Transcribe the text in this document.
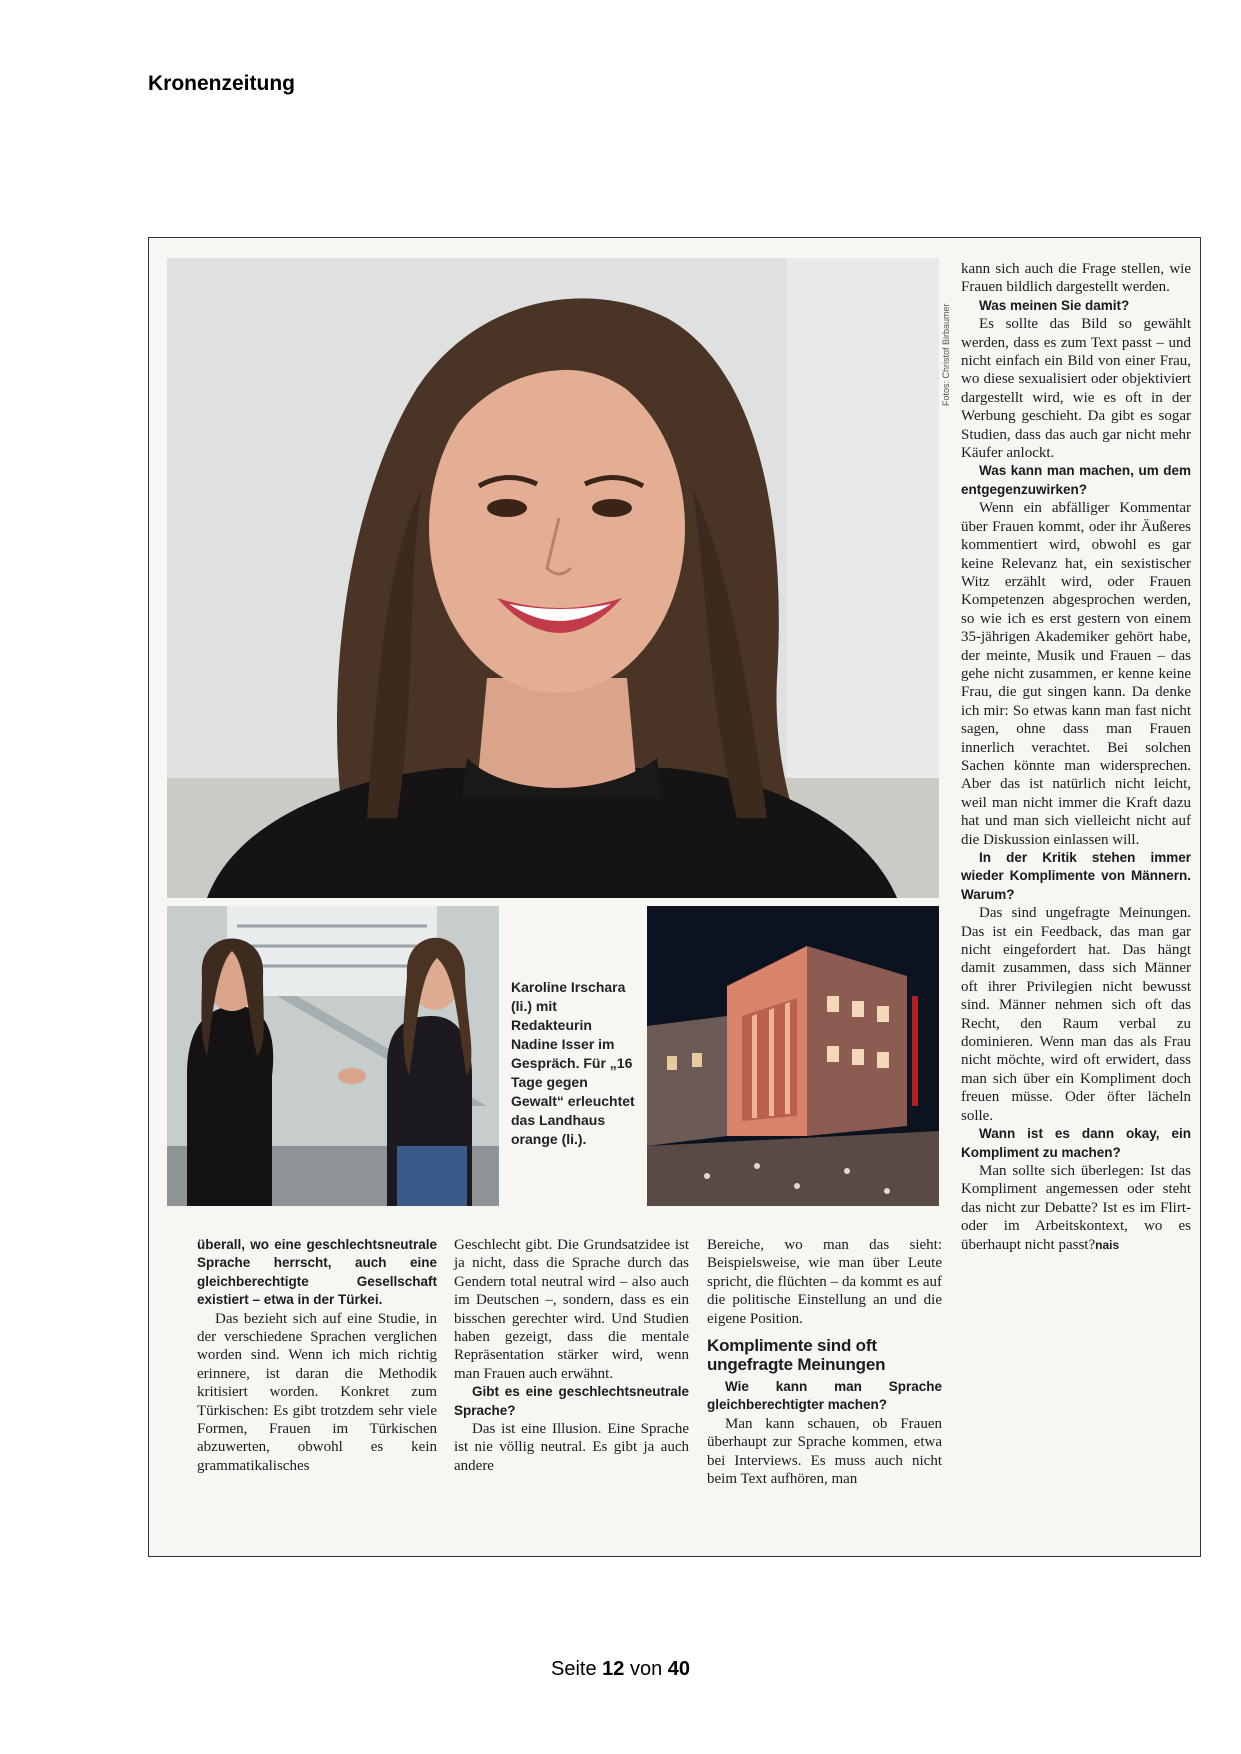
Kronenzeitung
Fotos: Christof Birbaumer
Karoline Irschara (li.) mit Redakteurin Nadine Isser im Gespräch. Für „16 Tage gegen Gewalt“ erleuchtet das Landhaus orange (li.).

überall, wo eine geschlechtsneutrale Sprache herrscht, auch eine gleichberechtigte Gesellschaft existiert – etwa in der Türkei.

Das bezieht sich auf eine Studie, in der verschiedene Sprachen verglichen worden sind. Wenn ich mich richtig erinnere, ist daran die Methodik kritisiert worden. Konkret zum Türkischen: Es gibt trotzdem sehr viele Formen, Frauen im Türkischen abzuwerten, obwohl es kein grammatikalisches

Geschlecht gibt. Die Grundsatzidee ist ja nicht, dass die Sprache durch das Gendern total neutral wird – also auch im Deutschen –, sondern, dass es ein bisschen gerechter wird. Und Studien haben gezeigt, dass die mentale Repräsentation stärker wird, wenn man Frauen auch erwähnt.

Gibt es eine geschlechtsneutrale Sprache?

Das ist eine Illusion. Eine Sprache ist nie völlig neutral. Es gibt ja auch andere

Bereiche, wo man das sieht: Beispielsweise, wie man über Leute spricht, die flüchten – da kommt es auf die politische Einstellung an und die eigene Position.

Komplimente sind oft ungefragte Meinungen

Wie kann man Sprache gleichberechtigter machen?

Man kann schauen, ob Frauen überhaupt zur Sprache kommen, etwa bei Interviews. Es muss auch nicht beim Text aufhören, man

kann sich auch die Frage stellen, wie Frauen bildlich dargestellt werden.

Was meinen Sie damit?

Es sollte das Bild so gewählt werden, dass es zum Text passt – und nicht einfach ein Bild von einer Frau, wo diese sexualisiert oder objektiviert dargestellt wird, wie es oft in der Werbung geschieht. Da gibt es sogar Studien, dass das auch gar nicht mehr Käufer anlockt.

Was kann man machen, um dem entgegenzuwirken?

Wenn ein abfälliger Kommentar über Frauen kommt, oder ihr Äußeres kommentiert wird, obwohl es gar keine Relevanz hat, ein sexistischer Witz erzählt wird, oder Frauen Kompetenzen abgesprochen werden, so wie ich es erst gestern von einem 35-jährigen Akademiker gehört habe, der meinte, Musik und Frauen – das gehe nicht zusammen, er kenne keine Frau, die gut singen kann. Da denke ich mir: So etwas kann man fast nicht sagen, ohne dass man Frauen innerlich verachtet. Bei solchen Sachen könnte man widersprechen. Aber das ist natürlich nicht leicht, weil man nicht immer die Kraft dazu hat und man sich vielleicht nicht auf die Diskussion einlassen will.

In der Kritik stehen immer wieder Komplimente von Männern. Warum?

Das sind ungefragte Meinungen. Das ist ein Feedback, das man gar nicht eingefordert hat. Das hängt damit zusammen, dass sich Männer oft ihrer Privilegien nicht bewusst sind. Männer nehmen sich oft das Recht, den Raum verbal zu dominieren. Wenn man das als Frau nicht möchte, wird oft erwidert, dass man sich über ein Kompliment doch freuen müsse. Oder öfter lächeln solle.

Wann ist es dann okay, ein Kompliment zu machen?

Man sollte sich überlegen: Ist das Kompliment angemessen oder steht das nicht zur Debatte? Ist es im Flirt- oder im Arbeitskontext, wo es überhaupt nicht passt?nais

Seite 12 von 40
